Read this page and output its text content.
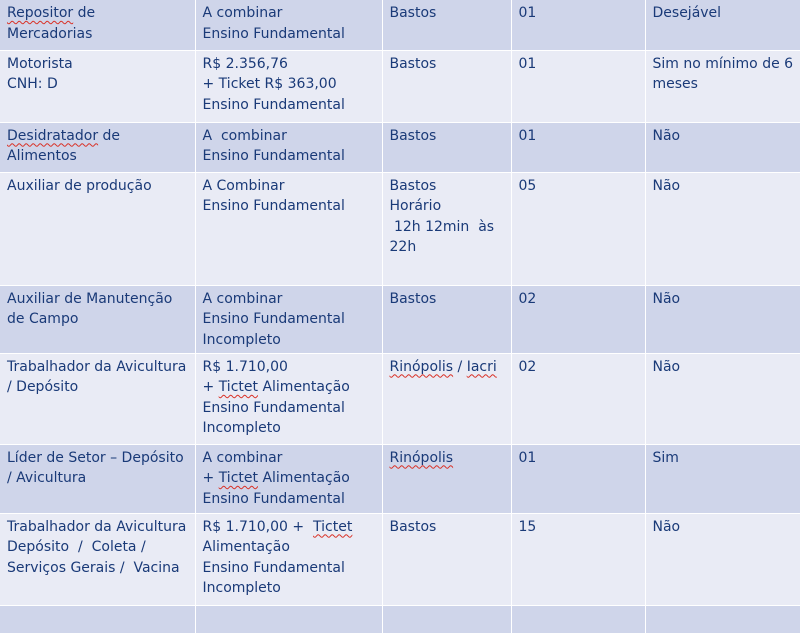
Repositor de
Mercadorias	A combinar
Ensino Fundamental	Bastos	01	Desejável

Motorista
CNH: D	R$ 2.356,76
+ Ticket R$ 363,00
Ensino Fundamental	Bastos	01	Sim no mínimo de 6
meses

Desidratador de
Alimentos	A  combinar
Ensino Fundamental	Bastos	01	Não

Auxiliar de produção	A Combinar
Ensino Fundamental	Bastos
Horário
12h 12min  às
22h	05	Não

Auxiliar de Manutenção
de Campo	A combinar
Ensino Fundamental
Incompleto	Bastos	02	Não

Trabalhador da Avicultura
/ Depósito	R$ 1.710,00
+ Tictet Alimentação
Ensino Fundamental
Incompleto	Rinópolis / Iacri	02	Não

Líder de Setor – Depósito
/ Avicultura	A combinar
+ Tictet Alimentação
Ensino Fundamental	Rinópolis	01	Sim

Trabalhador da Avicultura
Depósito  /  Coleta /
Serviços Gerais /  Vacina	R$ 1.710,00 + Tictet
Alimentação
Ensino Fundamental
Incompleto	Bastos	15	Não
